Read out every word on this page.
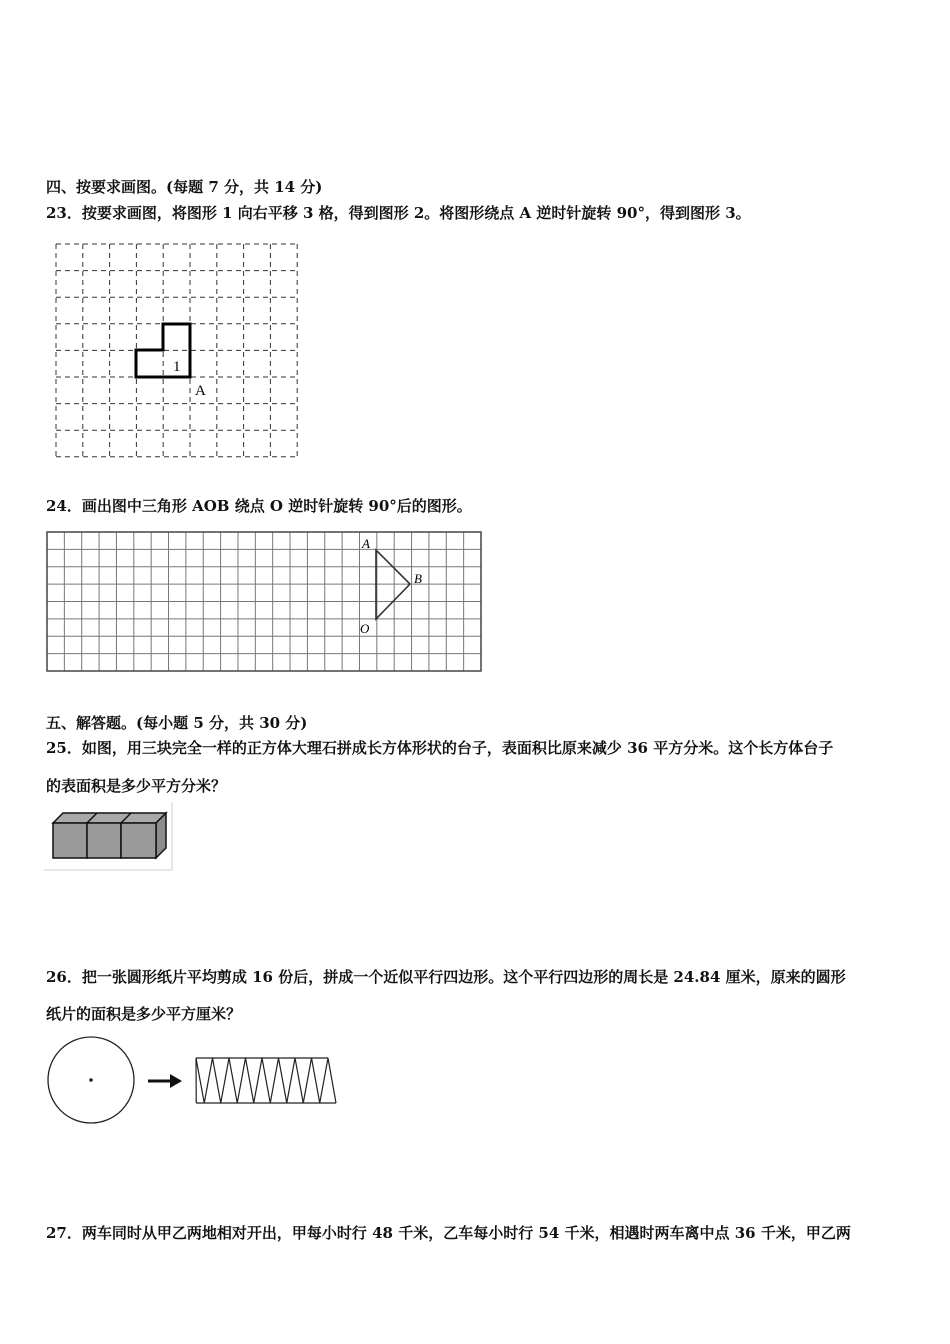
四、按要求画图。(每题 7 分，共 14 分)
23．按要求画图，将图形 1 向右平移 3 格，得到图形 2。将图形绕点 A 逆时针旋转 90°，得到图形 3。
1
A
24．画出图中三角形 AOB 绕点 O 逆时针旋转 90°后的图形。
A
B
O
五、解答题。(每小题 5 分，共 30 分)
25．如图，用三块完全一样的正方体大理石拼成长方体形状的台子，表面积比原来减少 36 平方分米。这个长方体台子
的表面积是多少平方分米？
26．把一张圆形纸片平均剪成 16 份后，拼成一个近似平行四边形。这个平行四边形的周长是 24.84 厘米，原来的圆形
纸片的面积是多少平方厘米？
27．两车同时从甲乙两地相对开出，甲每小时行 48 千米，乙车每小时行 54 千米，相遇时两车离中点 36 千米，甲乙两
